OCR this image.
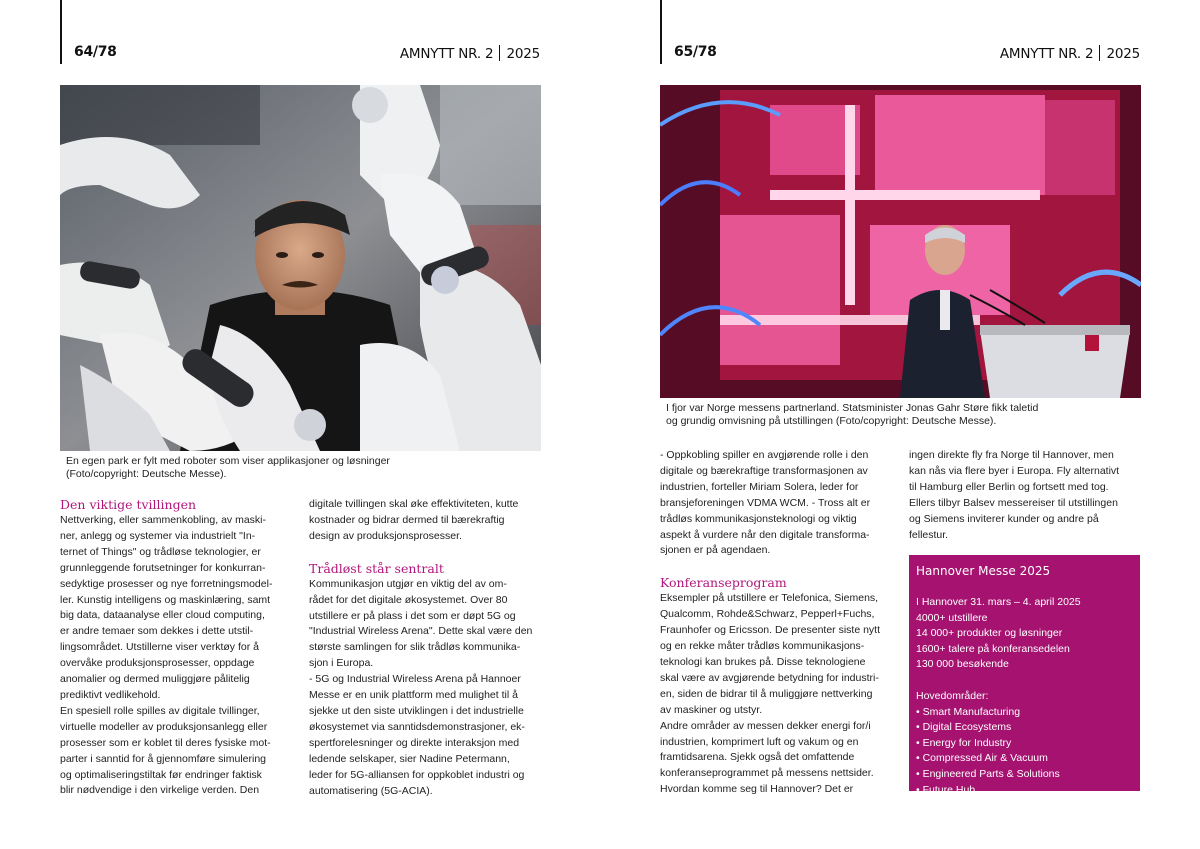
64/78	AMNYTT NR. 2 2025
En egen park er fylt med roboter som viser applikasjoner og løsninger
(Foto/copyright: Deutsche Messe).
Den viktige tvillingen

Nettverking, eller sammenkobling, av maski-
ner, anlegg og systemer via industrielt "In-
ternet of Things" og trådløse teknologier, er
grunnleggende forutsetninger for konkurran-
sedyktige prosesser og nye forretningsmodel-
ler. Kunstig intelligens og maskinlæring, samt
big data, dataanalyse eller cloud computing,
er andre temaer som dekkes i dette utstil-
lingsområdet. Utstillerne viser verktøy for å
overvåke produksjonsprosesser, oppdage
anomalier og dermed muliggjøre pålitelig
prediktivt vedlikehold.

En spesiell rolle spilles av digitale tvillinger,
virtuelle modeller av produksjonsanlegg eller
prosesser som er koblet til deres fysiske mot-
parter i sanntid for å gjennomføre simulering
og optimaliseringstiltak før endringer faktisk
blir nødvendige i den virkelige verden. Den

digitale tvillingen skal øke effektiviteten, kutte
kostnader og bidrar dermed til bærekraftig
design av produksjonsprosesser.

Trådløst står sentralt

Kommunikasjon utgjør en viktig del av om-
rådet for det digitale økosystemet. Over 80
utstillere er på plass i det som er døpt 5G og
"Industrial Wireless Arena". Dette skal være den
største samlingen for slik trådløs kommunika-
sjon i Europa.

- 5G og Industrial Wireless Arena på Hannoer
Messe er en unik plattform med mulighet til å
sjekke ut den siste utviklingen i det industrielle
økosystemet via sanntidsdemonstrasjoner, ek-
spertforelesninger og direkte interaksjon med
ledende selskaper, sier Nadine Petermann,
leder for 5G-alliansen for oppkoblet industri og
automatisering (5G-ACIA).

65/78	AMNYTT NR. 2 2025
I fjor var Norge messens partnerland. Statsminister Jonas Gahr Støre fikk taletid
og grundig omvisning på utstillingen (Foto/copyright: Deutsche Messe).

- Oppkobling spiller en avgjørende rolle i den
digitale og bærekraftige transformasjonen av
industrien, forteller Miriam Solera, leder for
bransjeforeningen VDMA WCM. - Tross alt er
trådløs kommunikasjonsteknologi og viktig
aspekt å vurdere når den digitale transforma-
sjonen er på agendaen.

Konferanseprogram

Eksempler på utstillere er Telefonica, Siemens,
Qualcomm, Rohde&Schwarz, Pepperl+Fuchs,
Fraunhofer og Ericsson. De presenter siste nytt
og en rekke måter trådløs kommunikasjons-
teknologi kan brukes på. Disse teknologiene
skal være av avgjørende betydning for industri-
en, siden de bidrar til å muliggjøre nettverking
av maskiner og utstyr.

Andre områder av messen dekker energi for/i
industrien, komprimert luft og vakum og en
framtidsarena. Sjekk også det omfattende
konferanseprogrammet på messens nettsider.
Hvordan komme seg til Hannover? Det er

ingen direkte fly fra Norge til Hannover, men
kan nås via flere byer i Europa. Fly alternativt
til Hamburg eller Berlin og fortsett med tog.
Ellers tilbyr Balsev messereiser til utstillingen
og Siemens inviterer kunder og andre på
fellestur.

Hannover Messe 2025
I Hannover 31. mars – 4. april 2025
4000+ utstillere
14 000+ produkter og løsninger
1600+ talere på konferansedelen
130 000 besøkende
Hovedområder:
• Smart Manufacturing
• Digital Ecosystems
• Energy for Industry
• Compressed Air & Vacuum
• Engineered Parts & Solutions
• Future Hub
